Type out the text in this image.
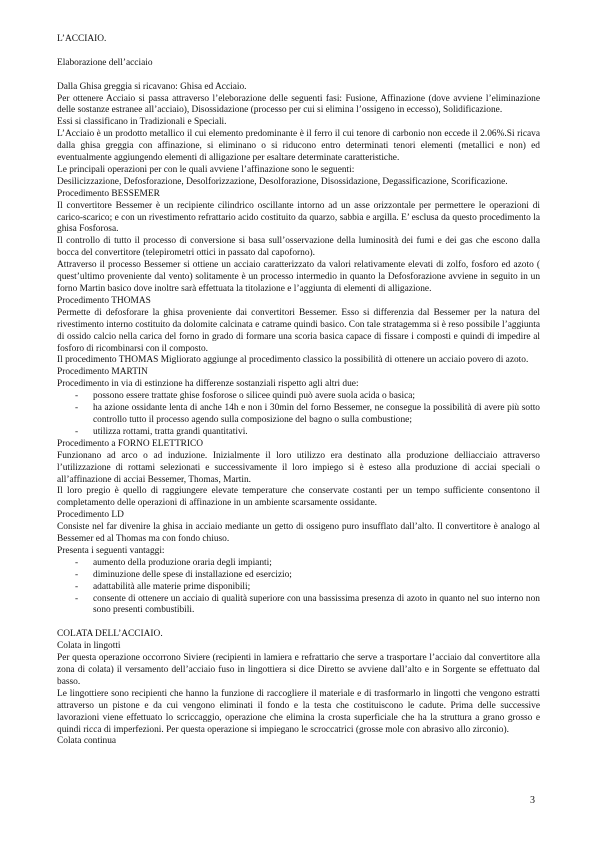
L’ACCIAIO.

Elaborazione dell’acciaio

Dalla Ghisa greggia si ricavano: Ghisa ed Acciaio.

Per ottenere Acciaio si passa attraverso l’eleborazione delle seguenti fasi: Fusione, Affinazione (dove avviene l’eliminazione delle sostanze estranee all’acciaio), Disossidazione (processo per cui si elimina l’ossigeno in eccesso), Solidificazione.

Essi si classificano in Tradizionali e Speciali.

L’Acciaio è un prodotto metallico il cui elemento predominante è il ferro il cui tenore di carbonio non eccede il 2.06%.Si ricava dalla ghisa greggia con affinazione, si eliminano o si riducono entro determinati tenori elementi (metallici e non) ed eventualmente aggiungendo elementi di alligazione per esaltare determinate caratteristiche.

Le principali operazioni per con le quali avviene l’affinazione sono le seguenti:

Desilicizzazione, Defosforazione, Desolforizzazione, Desolforazione, Disossidazione, Degassificazione, Scorificazione.

Procedimento BESSEMER

Il convertitore Bessemer è un recipiente cilindrico oscillante intorno ad un asse orizzontale per permettere le operazioni di carico-scarico; e con un rivestimento refrattario acido costituito da quarzo, sabbia e argilla. E’ esclusa da questo procedimento la ghisa Fosforosa.

Il controllo di tutto il processo di conversione si basa sull’osservazione della luminosità dei fumi e dei gas che escono dalla bocca del convertitore (telepirometri ottici in passato dal capoforno).

Attraverso il processo Bessemer si ottiene un acciaio caratterizzato da valori relativamente elevati di zolfo, fosforo ed azoto ( quest’ultimo proveniente dal vento) solitamente è un processo intermedio in quanto la Defosforazione avviene in seguito in un forno Martin basico dove inoltre sarà effettuata la titolazione e l’aggiunta di elementi di alligazione.

Procedimento THOMAS

Permette di defosforare la ghisa proveniente dai convertitori Bessemer. Esso si differenzia dal Bessemer per la natura del rivestimento interno costituito da dolomite calcinata e catrame quindi basico. Con tale stratagemma si è reso possibile l’aggiunta di ossido calcio nella carica del forno in grado di formare una scoria basica capace di fissare i composti e quindi di impedire al fosforo di ricombinarsi con il composto.

Il procedimento THOMAS Migliorato aggiunge al procedimento classico la possibilità di ottenere un acciaio povero di azoto.

Procedimento MARTIN

Procedimento in via di estinzione ha differenze sostanziali rispetto agli altri due:

- possono essere trattate ghise fosforose o silicee quindi può avere suola acida o basica;
- ha azione ossidante lenta di anche 14h e non i 30min del forno Bessemer, ne consegue la possibilità di avere più sotto controllo tutto il processo agendo sulla composizione del bagno o sulla combustione;
- utilizza rottami, tratta grandi quantitativi.

Procedimento a FORNO ELETTRICO

Funzionano ad arco o ad induzione. Inizialmente il loro utilizzo era destinato alla produzione delliacciaio attraverso l’utilizzazione di rottami selezionati e successivamente il loro impiego si è esteso alla produzione di acciai speciali o all’affinazione di acciai Bessemer, Thomas, Martin.

Il loro pregio è quello di raggiungere elevate temperature che conservate costanti per un tempo sufficiente consentono il completamento delle operazioni di affinazione in un ambiente scarsamente ossidante.

Procedimento LD

Consiste nel far divenire la ghisa in acciaio mediante un getto di ossigeno puro insufflato dall’alto. Il convertitore è analogo al Bessemer ed al Thomas ma con fondo chiuso.

Presenta i seguenti vantaggi:

- aumento della produzione oraria degli impianti;
- diminuzione delle spese di installazione ed esercizio;
- adattabilità alle materie prime disponibili;
- consente di ottenere un acciaio di qualità superiore con una bassissima presenza di azoto in quanto nel suo interno non sono presenti combustibili.

COLATA DELL’ACCIAIO.

Colata in lingotti

Per questa operazione occorrono Siviere (recipienti in lamiera e refrattario che serve a trasportare l’acciaio dal convertitore alla zona di colata) il versamento dell’acciaio fuso in lingottiera si dice Diretto se avviene dall’alto e in Sorgente se effettuato dal basso.

Le lingottiere sono recipienti che hanno la funzione di raccogliere il materiale e di trasformarlo in lingotti che vengono estratti attraverso un pistone e da cui vengono eliminati il fondo e la testa che costituiscono le cadute. Prima delle successive lavorazioni viene effettuato lo scriccaggio, operazione che elimina la crosta superficiale che ha la struttura a grano grosso e quindi ricca di imperfezioni. Per questa operazione si impiegano le scroccatrici (grosse mole con abrasivo allo zirconio).

Colata continua

3
